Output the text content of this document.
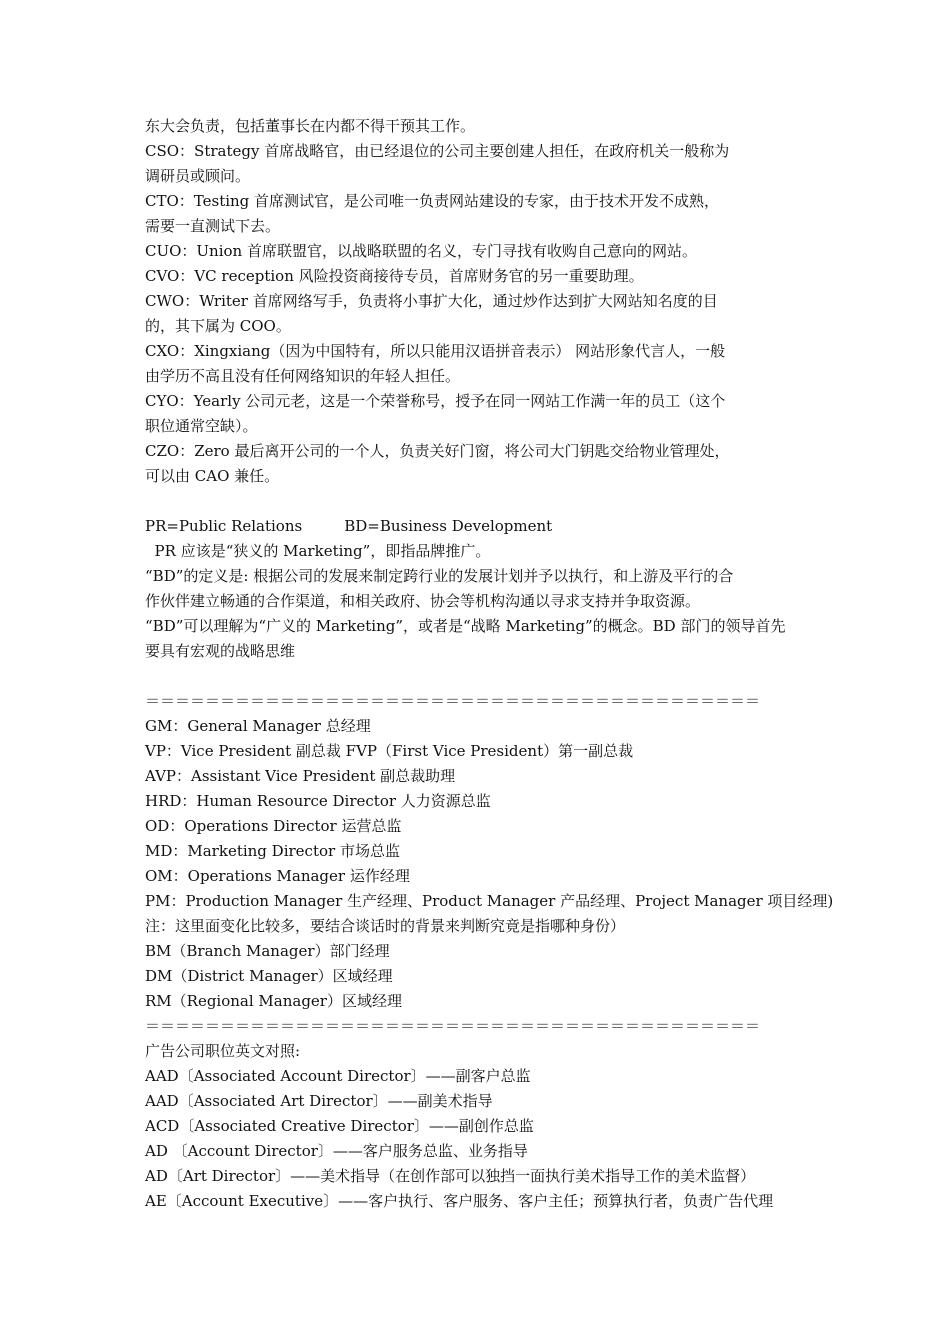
东大会负责，包括董事长在内都不得干预其工作。
CSO：Strategy 首席战略官，由已经退位的公司主要创建人担任，在政府机关一般称为
调研员或顾问。
CTO：Testing 首席测试官，是公司唯一负责网站建设的专家，由于技术开发不成熟，
需要一直测试下去。
CUO：Union 首席联盟官，以战略联盟的名义，专门寻找有收购自己意向的网站。
CVO：VC reception 风险投资商接待专员，首席财务官的另一重要助理。
CWO：Writer 首席网络写手，负责将小事扩大化，通过炒作达到扩大网站知名度的目
的，其下属为 COO。
CXO：Xingxiang（因为中国特有，所以只能用汉语拼音表示） 网站形象代言人，一般
由学历不高且没有任何网络知识的年轻人担任。
CYO：Yearly 公司元老，这是一个荣誉称号，授予在同一网站工作满一年的员工（这个
职位通常空缺）。
CZO：Zero 最后离开公司的一个人，负责关好门窗，将公司大门钥匙交给物业管理处，
可以由 CAO 兼任。
PR=Public Relations	BD=Business Development
PR 应该是“狭义的 Marketing”，即指品牌推广。
“BD”的定义是: 根据公司的发展来制定跨行业的发展计划并予以执行，和上游及平行的合
作伙伴建立畅通的合作渠道，和相关政府、协会等机构沟通以寻求支持并争取资源。
“BD”可以理解为“广义的 Marketing”，或者是“战略 Marketing”的概念。BD 部门的领导首先
要具有宏观的战略思维
＝＝＝＝＝＝＝＝＝＝＝＝＝＝＝＝＝＝＝＝＝＝＝＝＝＝＝＝＝＝＝＝＝＝＝＝＝＝＝＝＝
GM：General Manager 总经理
VP：Vice President 副总裁 FVP（First Vice President）第一副总裁
AVP：Assistant Vice President 副总裁助理
HRD：Human Resource Director 人力资源总监
OD：Operations Director 运营总监
MD：Marketing Director 市场总监
OM：Operations Manager 运作经理
PM：Production Manager 生产经理、Product Manager 产品经理、Project Manager 项目经理)
注：这里面变化比较多，要结合谈话时的背景来判断究竟是指哪种身份）
BM（Branch Manager）部门经理
DM（District Manager）区域经理
RM（Regional Manager）区域经理
＝＝＝＝＝＝＝＝＝＝＝＝＝＝＝＝＝＝＝＝＝＝＝＝＝＝＝＝＝＝＝＝＝＝＝＝＝＝＝＝＝
广告公司职位英文对照:
AAD〔Associated Account Director〕——副客户总监
AAD〔Associated Art Director〕——副美术指导
ACD〔Associated Creative Director〕——副创作总监
AD 〔Account Director〕——客户服务总监、业务指导
AD〔Art Director〕——美术指导（在创作部可以独挡一面执行美术指导工作的美术监督）
AE〔Account Executive〕——客户执行、客户服务、客户主任；预算执行者，负责广告代理
